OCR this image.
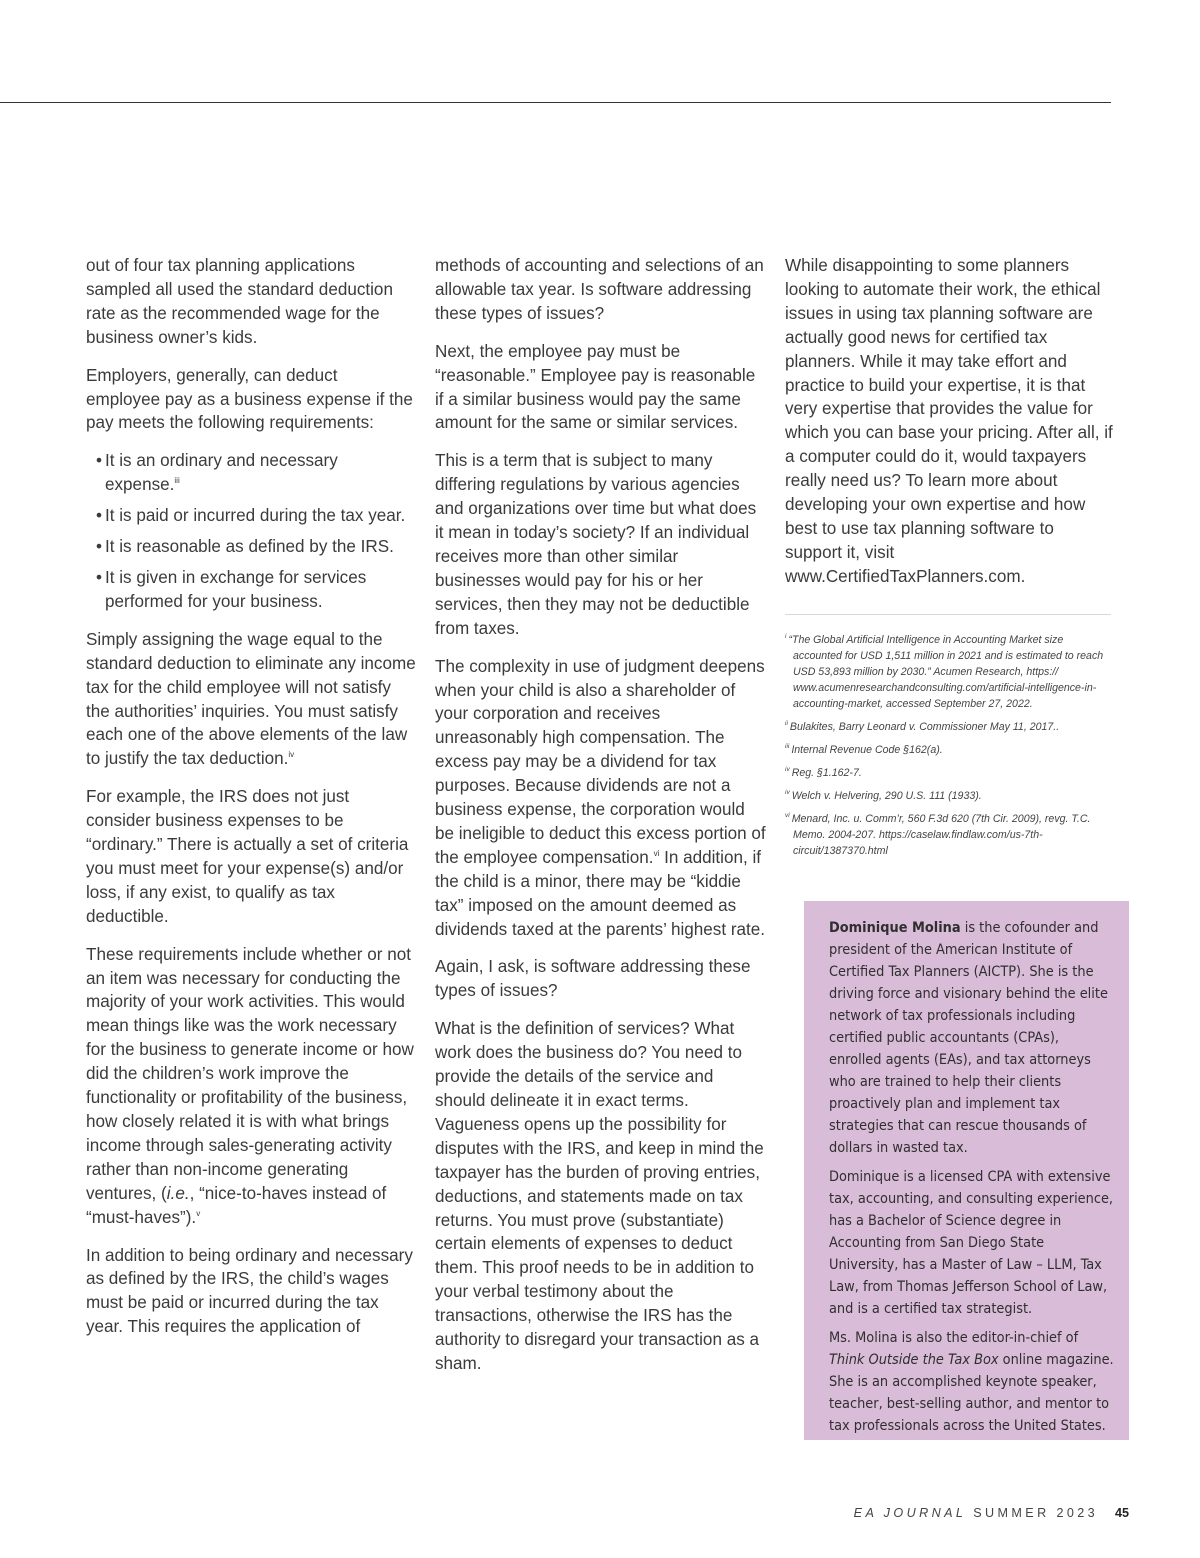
out of four tax planning applications sampled all used the standard deduction rate as the recommended wage for the business owner’s kids.

Employers, generally, can deduct employee pay as a business expense if the pay meets the following requirements:

• It is an ordinary and necessary expense.$^{iii}$
• It is paid or incurred during the tax year.
• It is reasonable as defined by the IRS.
• It is given in exchange for services performed for your business.

Simply assigning the wage equal to the standard deduction to eliminate any income tax for the child employee will not satisfy the authorities’ inquiries. You must satisfy each one of the above elements of the law to justify the tax deduction.$^{iv}$

For example, the IRS does not just consider business expenses to be “ordinary.” There is actually a set of criteria you must meet for your expense(s) and/or loss, if any exist, to qualify as tax deductible.

These requirements include whether or not an item was necessary for conducting the majority of your work activities. This would mean things like was the work necessary for the business to generate income or how did the children’s work improve the functionality or profitability of the business, how closely related it is with what brings income through sales-generating activity rather than non-income generating ventures, (i.e., “nice-to-haves instead of “must-haves”).$^v$

In addition to being ordinary and necessary as defined by the IRS, the child’s wages must be paid or incurred during the tax year. This requires the application of

methods of accounting and selections of an allowable tax year. Is software addressing these types of issues?

Next, the employee pay must be “reasonable.” Employee pay is reasonable if a similar business would pay the same amount for the same or similar services.

This is a term that is subject to many differing regulations by various agencies and organizations over time but what does it mean in today’s society? If an individual receives more than other similar businesses would pay for his or her services, then they may not be deductible from taxes.

The complexity in use of judgment deepens when your child is also a shareholder of your corporation and receives unreasonably high compensation. The excess pay may be a dividend for tax purposes. Because dividends are not a business expense, the corporation would be ineligible to deduct this excess portion of the employee compensation.$^{vi}$ In addition, if the child is a minor, there may be “kiddie tax” imposed on the amount deemed as dividends taxed at the parents’ highest rate.

Again, I ask, is software addressing these types of issues?

What is the definition of services? What work does the business do? You need to provide the details of the service and should delineate it in exact terms. Vagueness opens up the possibility for disputes with the IRS, and keep in mind the taxpayer has the burden of proving entries, deductions, and statements made on tax returns. You must prove (substantiate) certain elements of expenses to deduct them. This proof needs to be in addition to your verbal testimony about the transactions, otherwise the IRS has the authority to disregard your transaction as a sham.

While disappointing to some planners looking to automate their work, the ethical issues in using tax planning software are actually good news for certified tax planners. While it may take effort and practice to build your expertise, it is that very expertise that provides the value for which you can base your pricing. After all, if a computer could do it, would taxpayers really need us? To learn more about developing your own expertise and how best to use tax planning software to support it, visit www.CertifiedTaxPlanners.com.

$^i$ “The Global Artificial Intelligence in Accounting Market size accounted for USD 1,511 million in 2021 and is estimated to reach USD 53,893 million by 2030.” Acumen Research, https:// www.acumenresearchandconsulting.com/artificial-intelligence-in-accounting-market, accessed September 27, 2022.

$^{ii}$ Bulakites, Barry Leonard v. Commissioner May 11, 2017..

$^{iii}$ Internal Revenue Code §162(a).

$^{iv}$ Reg. §1.162-7.

$^{iv}$ Welch v. Helvering, 290 U.S. 111 (1933).

$^{vi}$ Menard, Inc. u. Comm’r, 560 F.3d 620 (7th Cir. 2009), revg. T.C. Memo. 2004-207. https://caselaw.findlaw.com/us-7th-circuit/1387370.html

Dominique Molina is the cofounder and president of the American Institute of Certified Tax Planners (AICTP). She is the driving force and visionary behind the elite network of tax professionals including certified public accountants (CPAs), enrolled agents (EAs), and tax attorneys who are trained to help their clients proactively plan and implement tax strategies that can rescue thousands of dollars in wasted tax.

Dominique is a licensed CPA with extensive tax, accounting, and consulting experience, has a Bachelor of Science degree in Accounting from San Diego State University, has a Master of Law – LLM, Tax Law, from Thomas Jefferson School of Law, and is a certified tax strategist.

Ms. Molina is also the editor-in-chief of Think Outside the Tax Box online magazine. She is an accomplished keynote speaker, teacher, best-selling author, and mentor to tax professionals across the United States.

EA JOURNAL SUMMER 2023 45
